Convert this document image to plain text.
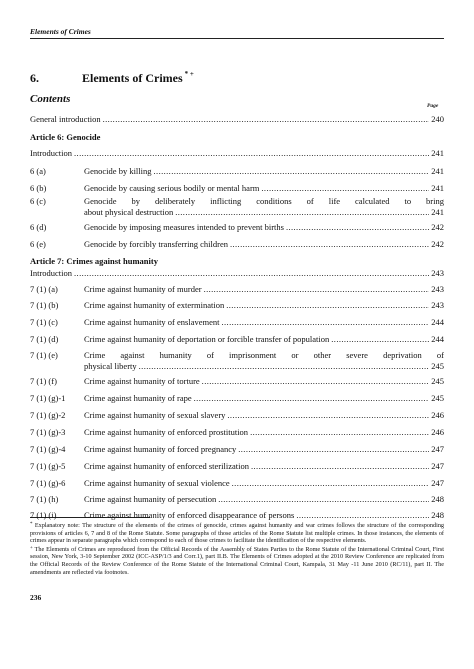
Elements of Crimes
6.	Elements of Crimes * +
Contents
Page

* Explanatory note: The structure of the elements of the crimes of genocide, crimes against humanity and war crimes follows the structure of the corresponding provisions of articles 6, 7 and 8 of the Rome Statute. Some paragraphs of those articles of the Rome Statute list multiple crimes. In those instances, the elements of crimes appear in separate paragraphs which correspond to each of those crimes to facilitate the identification of the respective elements.

+ The Elements of Crimes are reproduced from the Official Records of the Assembly of States Parties to the Rome Statute of the International Criminal Court, First session, New York, 3-10 September 2002 (ICC-ASP/1/3 and Corr.1), part II.B. The Elements of Crimes adopted at the 2010 Review Conference are replicated from the Official Records of the Review Conference of the Rome Statute of the International Criminal Court, Kampala, 31 May -11 June 2010 (RC/11), part II. The amendments are reflected via footnotes.

236
General introduction .....	240
Article 6: Genocide
Introduction .....	241
6 (a)	Genocide by killing .....	241
6 (b)	Genocide by causing serious bodily or mental harm .....	241
6 (c)	Genocide by deliberately inflicting conditions of life calculated to bring
about physical destruction .....	241
6 (d)	Genocide by imposing measures intended to prevent births .....	242
6 (e)	Genocide by forcibly transferring children .....	242
Article 7: Crimes against humanity
Introduction .....	243
7 (1) (a)	Crime against humanity of murder .....	243
7 (1) (b)	Crime against humanity of extermination .....	243
7 (1) (c)	Crime against humanity of enslavement .....	244
7 (1) (d)	Crime against humanity of deportation or forcible transfer of population .....	244
7 (1) (e)	Crime against humanity of imprisonment or other severe deprivation of
physical liberty .....	245
7 (1) (f)	Crime against humanity of torture .....	245
7 (1) (g)-1	Crime against humanity of rape .....	245
7 (1) (g)-2	Crime against humanity of sexual slavery .....	246
7 (1) (g)-3	Crime against humanity of enforced prostitution .....	246
7 (1) (g)-4	Crime against humanity of forced pregnancy .....	247
7 (1) (g)-5	Crime against humanity of enforced sterilization .....	247
7 (1) (g)-6	Crime against humanity of sexual violence .....	247
7 (1) (h)	Crime against humanity of persecution .....	248
7 (1) (i)	Crime against humanity of enforced disappearance of persons .....	248
